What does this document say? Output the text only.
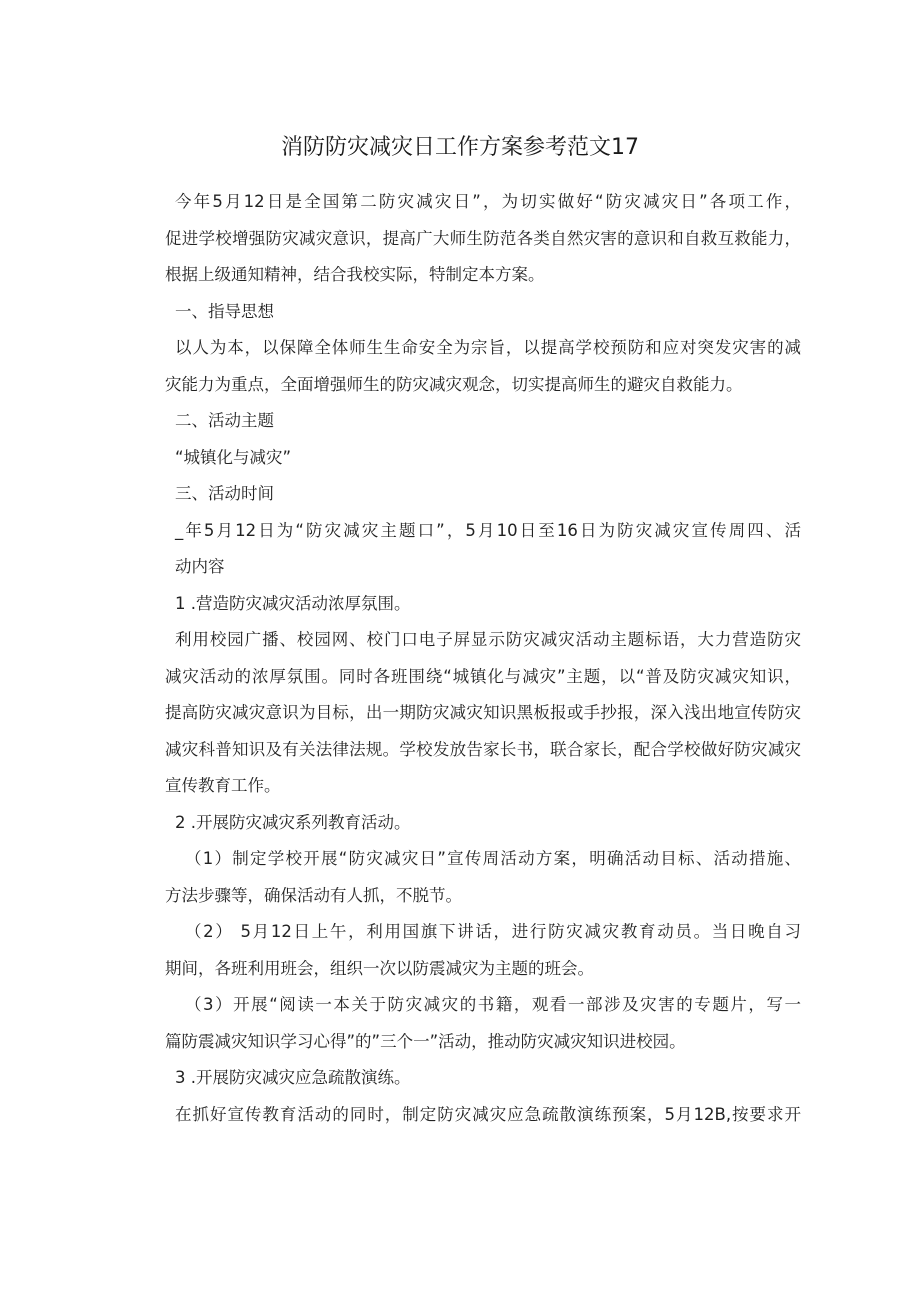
消防防灾减灾日工作方案参考范文17
今年5月12日是全国第二防灾减灾日”，为切实做好“防灾减灾日”各项工作，
促进学校增强防灾减灾意识，提高广大师生防范各类自然灾害的意识和自救互救能力，
根据上级通知精神，结合我校实际，特制定本方案。
一、指导思想
以人为本，以保障全体师生生命安全为宗旨，以提高学校预防和应对突发灾害的减
灾能力为重点，全面增强师生的防灾减灾观念，切实提高师生的避灾自救能力。
二、活动主题
“城镇化与减灾”
三、活动时间
_年5月12日为“防灾减灾主题口”，5月10日至16日为防灾减灾宣传周四、活
动内容
1 .营造防灾减灾活动浓厚氛围。
利用校园广播、校园网、校门口电子屏显示防灾减灾活动主题标语，大力营造防灾
减灾活动的浓厚氛围。同时各班围绕“城镇化与减灾”主题，以“普及防灾减灾知识，
提高防灾减灾意识为目标，出一期防灾减灾知识黑板报或手抄报，深入浅出地宣传防灾
减灾科普知识及有关法律法规。学校发放告家长书，联合家长，配合学校做好防灾减灾
宣传教育工作。
2 .开展防灾减灾系列教育活动。
（1）制定学校开展“防灾减灾日”宣传周活动方案，明确活动目标、活动措施、
方法步骤等，确保活动有人抓，不脱节。
（2） 5月12日上午，利用国旗下讲话，进行防灾减灾教育动员。当日晚自习
期间，各班利用班会，组织一次以防震减灾为主题的班会。
（3）开展“阅读一本关于防灾减灾的书籍，观看一部涉及灾害的专题片，写一
篇防震减灾知识学习心得”的”三个一”活动，推动防灾减灾知识进校园。
3 .开展防灾减灾应急疏散演练。
在抓好宣传教育活动的同时，制定防灾减灾应急疏散演练预案，5月12B,按要求开
